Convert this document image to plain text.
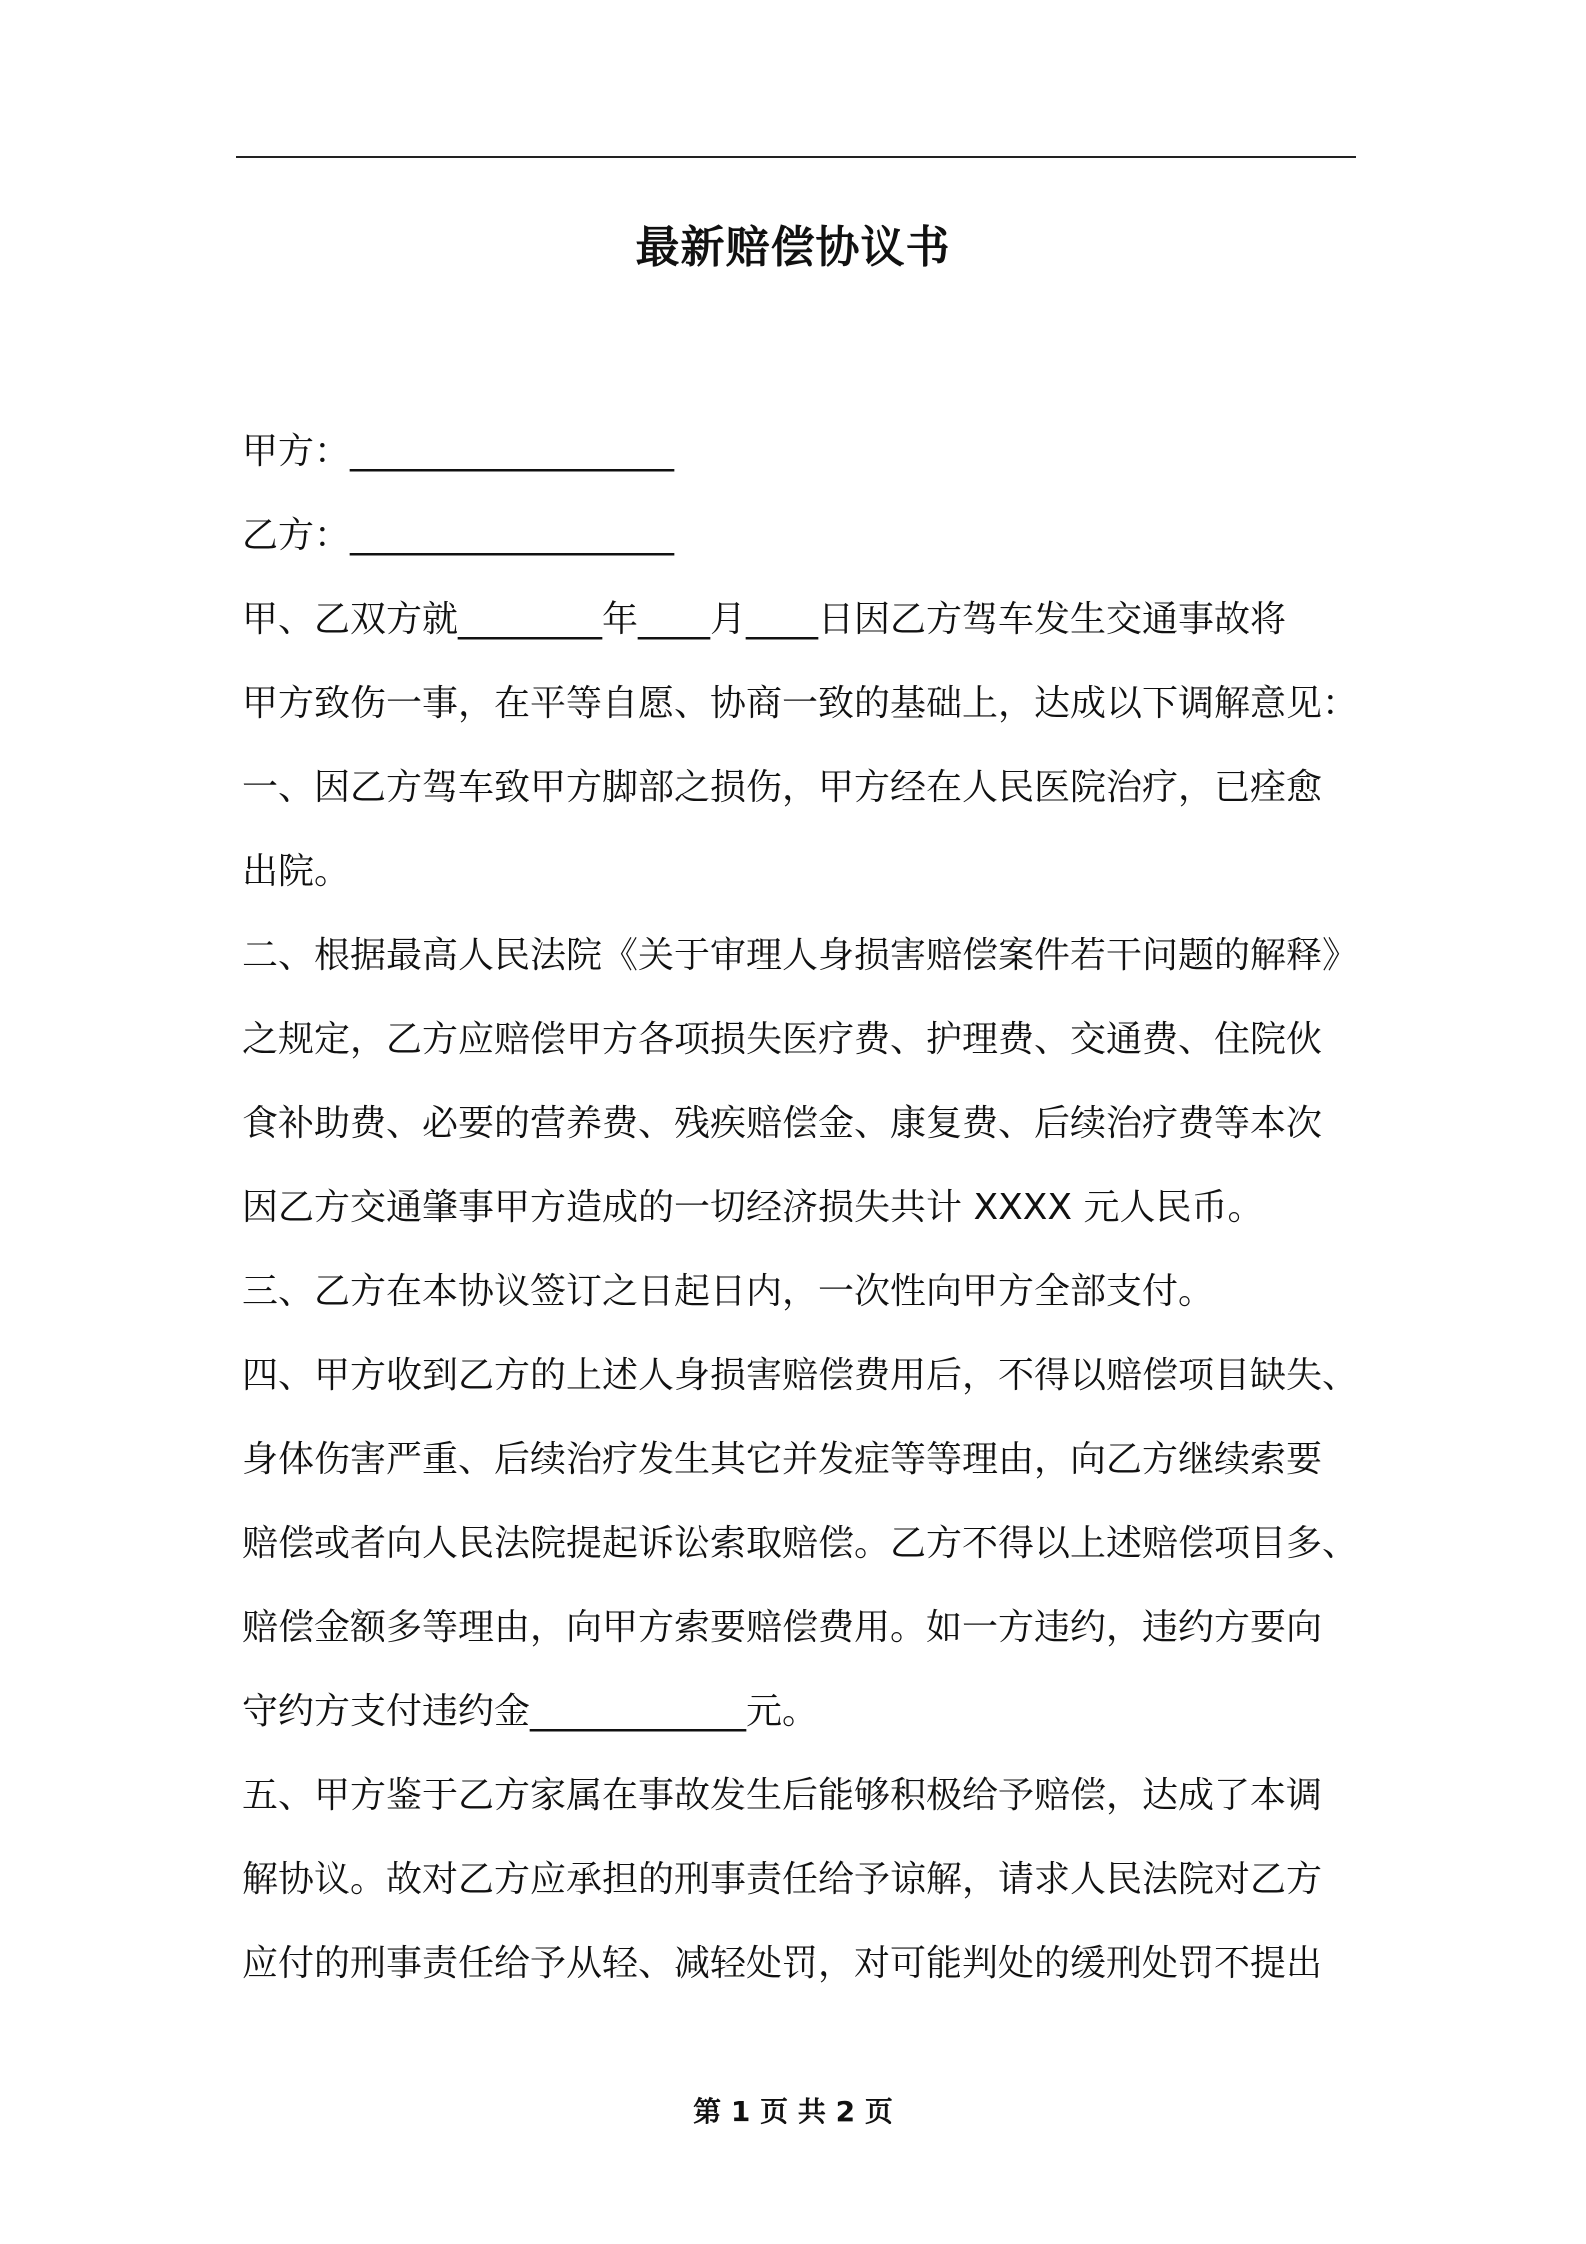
最新赔偿协议书
甲方：__________________
乙方：__________________
甲、乙双方就________年____月____日因乙方驾车发生交通事故将
甲方致伤一事，在平等自愿、协商一致的基础上，达成以下调解意见：
一、因乙方驾车致甲方脚部之损伤，甲方经在人民医院治疗，已痊愈
出院。
二、根据最高人民法院《关于审理人身损害赔偿案件若干问题的解释》
之规定，乙方应赔偿甲方各项损失医疗费、护理费、交通费、住院伙
食补助费、必要的营养费、残疾赔偿金、康复费、后续治疗费等本次
因乙方交通肇事甲方造成的一切经济损失共计 XXXX 元人民币。
三、乙方在本协议签订之日起日内，一次性向甲方全部支付。
四、甲方收到乙方的上述人身损害赔偿费用后，不得以赔偿项目缺失、
身体伤害严重、后续治疗发生其它并发症等等理由，向乙方继续索要
赔偿或者向人民法院提起诉讼索取赔偿。乙方不得以上述赔偿项目多、
赔偿金额多等理由，向甲方索要赔偿费用。如一方违约，违约方要向
守约方支付违约金____________元。
五、甲方鉴于乙方家属在事故发生后能够积极给予赔偿，达成了本调
解协议。故对乙方应承担的刑事责任给予谅解，请求人民法院对乙方
应付的刑事责任给予从轻、减轻处罚，对可能判处的缓刑处罚不提出
第 1 页 共 2 页
